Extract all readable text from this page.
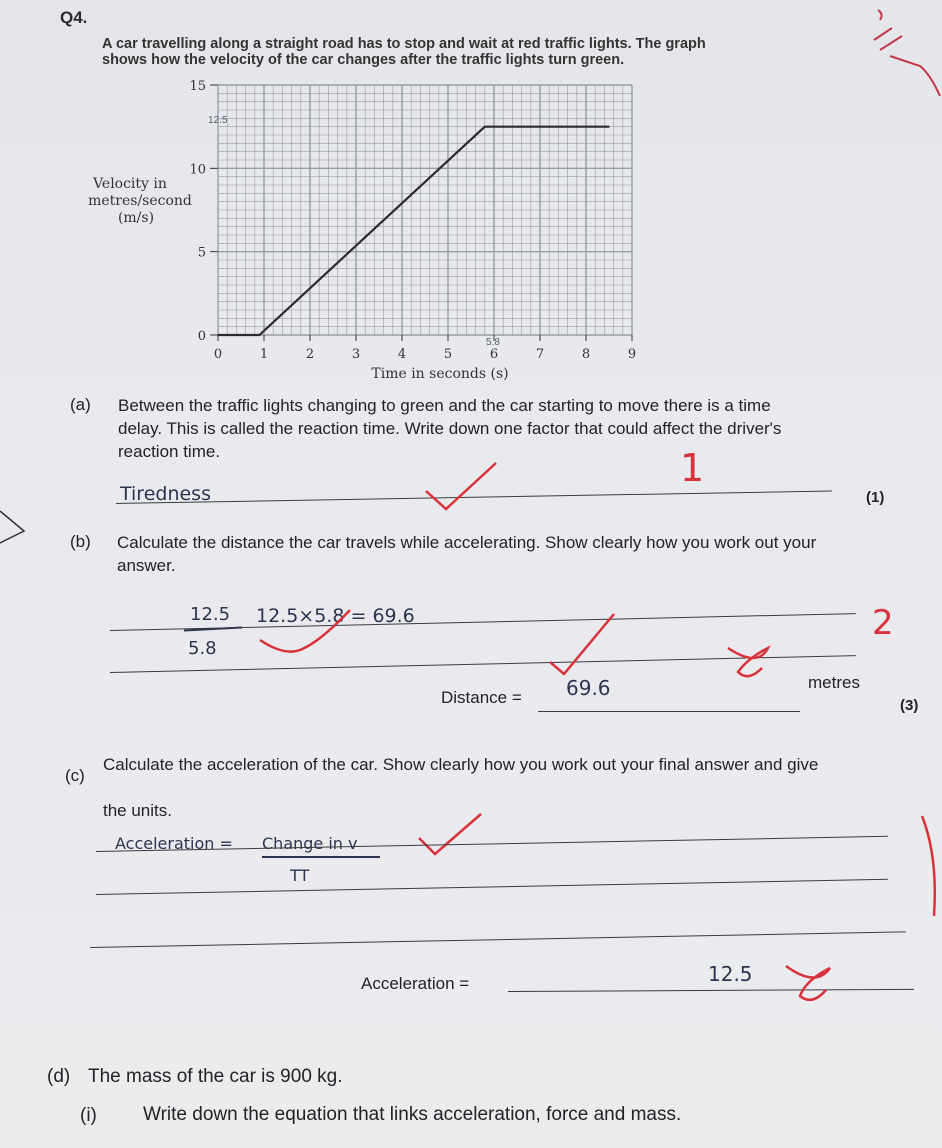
Q4.
A car travelling along a straight road has to stop and wait at red traffic lights. The graph
shows how the velocity of the car changes after the traffic lights turn green.
0	1	2	3	4	5	6	7	8	9
0
5
10
15
Time in seconds (s)
Velocity in
metres/second
(m/s)
12.5
5.8
(a) Between the traffic lights changing to green and the car starting to move there is a time delay. This is called the reaction time. Write down one factor that could affect the driver's reaction time.
Tiredness
1
(1)
(b) Calculate the distance the car travels while accelerating. Show clearly how you work out your answer.
12.5
5.8
12.5×5.8 = 69.6	2
Distance = 69.6	metres
(3)
(c)
Calculate the acceleration of the car. Show clearly how you work out your final answer and give the units.
Acceleration = Change in v
TT
Acceleration =	12.5
(d) The mass of the car is 900 kg.
(i) Write down the equation that links acceleration, force and mass.
